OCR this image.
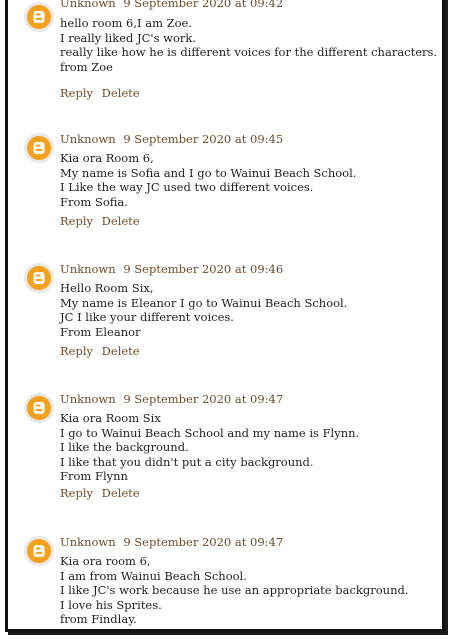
Unknown 9 September 2020 at 09:42
hello room 6,I am Zoe.
I really liked JC's work.
really like how he is different voices for the different characters.
from Zoe
Reply Delete
Unknown 9 September 2020 at 09:45
Kia ora Room 6,
My name is Sofia and I go to Wainui Beach School.
I Like the way JC used two different voices.
From Sofia.
Reply Delete
Unknown 9 September 2020 at 09:46
Hello Room Six,
My name is Eleanor I go to Wainui Beach School.
JC I like your different voices.
From Eleanor
Reply Delete
Unknown 9 September 2020 at 09:47
Kia ora Room Six
I go to Wainui Beach School and my name is Flynn.
I like the background.
I like that you didn't put a city background.
From Flynn
Reply Delete
Unknown 9 September 2020 at 09:47
Kia ora room 6,
I am from Wainui Beach School.
I like JC's work because he use an appropriate background.
I love his Sprites.
from Findlay.
